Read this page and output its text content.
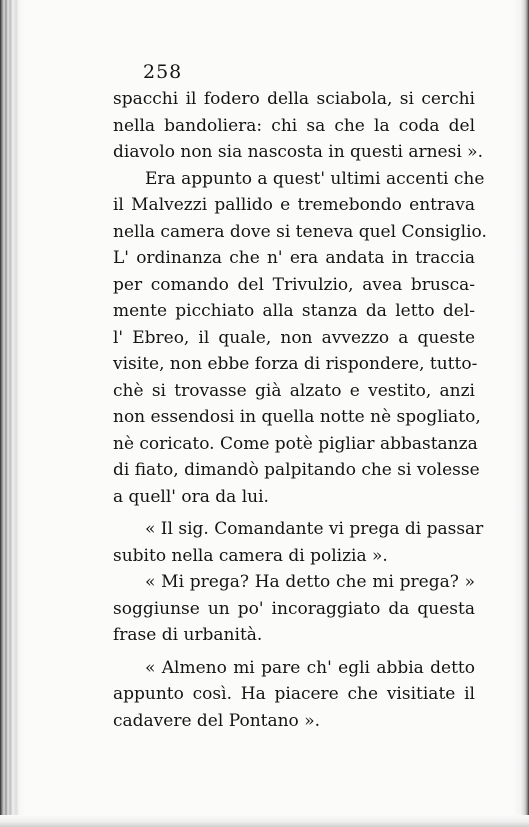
258
spacchi il fodero della sciabola, si cerchi
nella bandoliera: chi sa che la coda del
diavolo non sia nascosta in questi arnesi ».
Era appunto a quest' ultimi accenti che
il Malvezzi pallido e tremebondo entrava
nella camera dove si teneva quel Consiglio.
L' ordinanza che n' era andata in traccia
per comando del Trivulzio, avea brusca-
mente picchiato alla stanza da letto del-
l' Ebreo, il quale, non avvezzo a queste
visite, non ebbe forza di rispondere, tutto-
chè si trovasse già alzato e vestito, anzi
non essendosi in quella notte nè spogliato,
nè coricato. Come potè pigliar abbastanza
di fiato, dimandò palpitando che si volesse
a quell' ora da lui.
« Il sig. Comandante vi prega di passar
subito nella camera di polizia ».
« Mi prega? Ha detto che mi prega? »
soggiunse un po' incoraggiato da questa
frase di urbanità.
« Almeno mi pare ch' egli abbia detto
appunto così. Ha piacere che visitiate il
cadavere del Pontano ».
